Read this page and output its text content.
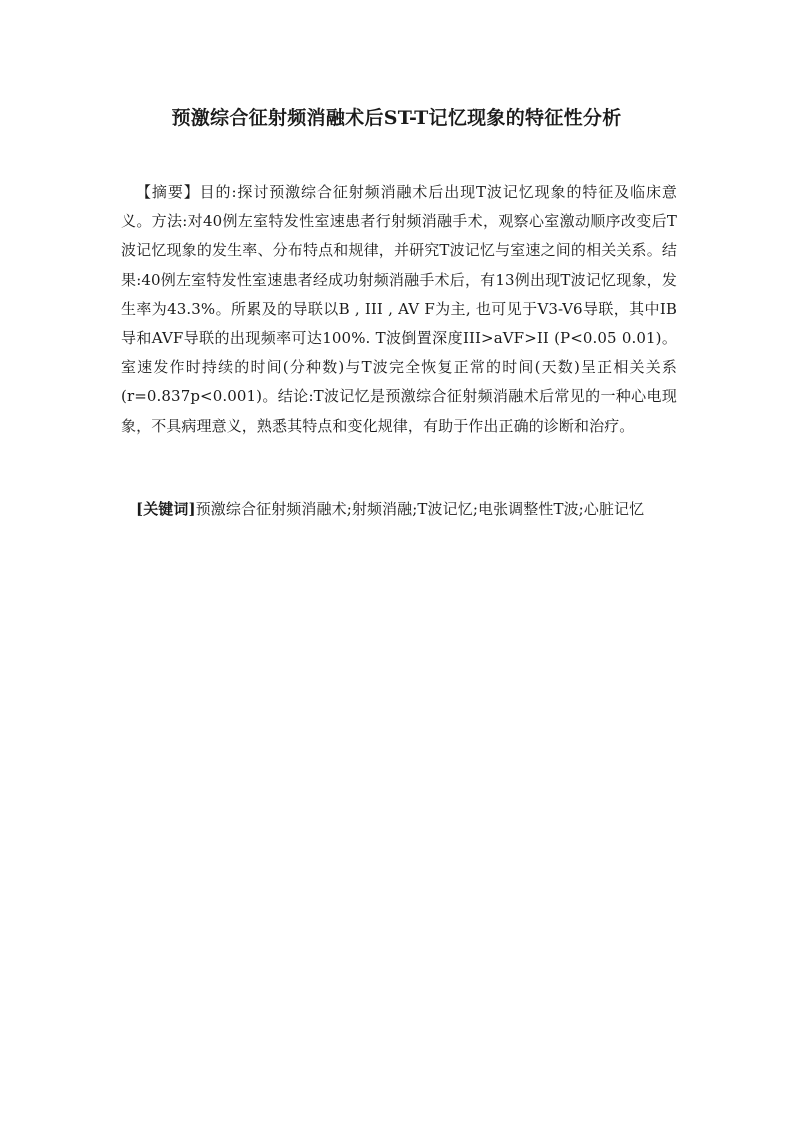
预激综合征射频消融术后ST-T记忆现象的特征性分析
【摘要】目的:探讨预激综合征射频消融术后出现T波记忆现象的特征及临床意义。方法:对40例左室特发性室速患者行射频消融手术，观察心室激动顺序改变后T波记忆现象的发生率、分布特点和规律，并研究T波记忆与室速之间的相关关系。结果:40例左室特发性室速患者经成功射频消融手术后，有13例出现T波记忆现象，发生率为43.3%。所累及的导联以B , III , AV F为主, 也可见于V3-V6导联，其中IB导和AVF导联的出现频率可达100%. T波倒置深度III>aVF>II (P<0.05 0.01)。室速发作时持续的时间(分种数)与T波完全恢复正常的时间(天数)呈正相关关系(r=0.837p<0.001)。结论:T波记忆是预激综合征射频消融术后常见的一种心电现象，不具病理意义，熟悉其特点和变化规律，有助于作出正确的诊断和治疗。
[关键词]预激综合征射频消融术;射频消融;T波记忆;电张调整性T波;心脏记忆
